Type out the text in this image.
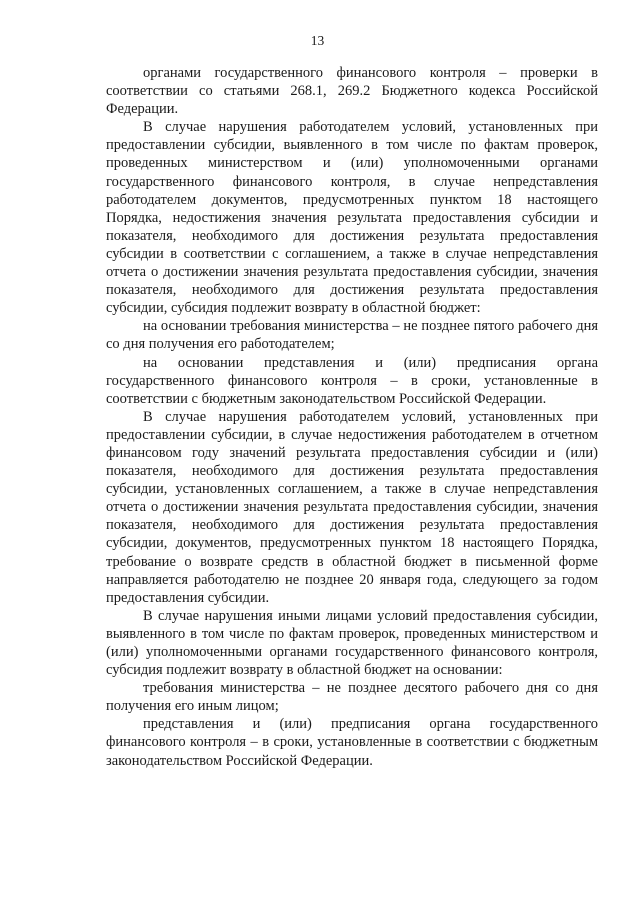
13

органами государственного финансового контроля – проверки в соответствии со статьями 268.1, 269.2 Бюджетного кодекса Российской Федерации.

В случае нарушения работодателем условий, установленных при предоставлении субсидии, выявленного в том числе по фактам проверок, проведенных министерством и (или) уполномоченными органами государственного финансового контроля, в случае непредставления работодателем документов, предусмотренных пунктом 18 настоящего Порядка, недостижения значения результата предоставления субсидии и показателя, необходимого для достижения результата предоставления субсидии в соответствии с соглашением, а также в случае непредставления отчета о достижении значения результата предоставления субсидии, значения показателя, необходимого для достижения результата предоставления субсидии, субсидия подлежит возврату в областной бюджет:

на основании требования министерства – не позднее пятого рабочего дня со дня получения его работодателем;

на основании представления и (или) предписания органа государственного финансового контроля – в сроки, установленные в соответствии с бюджетным законодательством Российской Федерации.

В случае нарушения работодателем условий, установленных при предоставлении субсидии, в случае недостижения работодателем в отчетном финансовом году значений результата предоставления субсидии и (или) показателя, необходимого для достижения результата предоставления субсидии, установленных соглашением, а также в случае непредставления отчета о достижении значения результата предоставления субсидии, значения показателя, необходимого для достижения результата предоставления субсидии, документов, предусмотренных пунктом 18 настоящего Порядка, требование о возврате средств в областной бюджет в письменной форме направляется работодателю не позднее 20 января года, следующего за годом предоставления субсидии.

В случае нарушения иными лицами условий предоставления субсидии, выявленного в том числе по фактам проверок, проведенных министерством и (или) уполномоченными органами государственного финансового контроля, субсидия подлежит возврату в областной бюджет на основании:

требования министерства – не позднее десятого рабочего дня со дня получения его иным лицом;

представления и (или) предписания органа государственного финансового контроля – в сроки, установленные в соответствии с бюджетным законодательством Российской Федерации.
